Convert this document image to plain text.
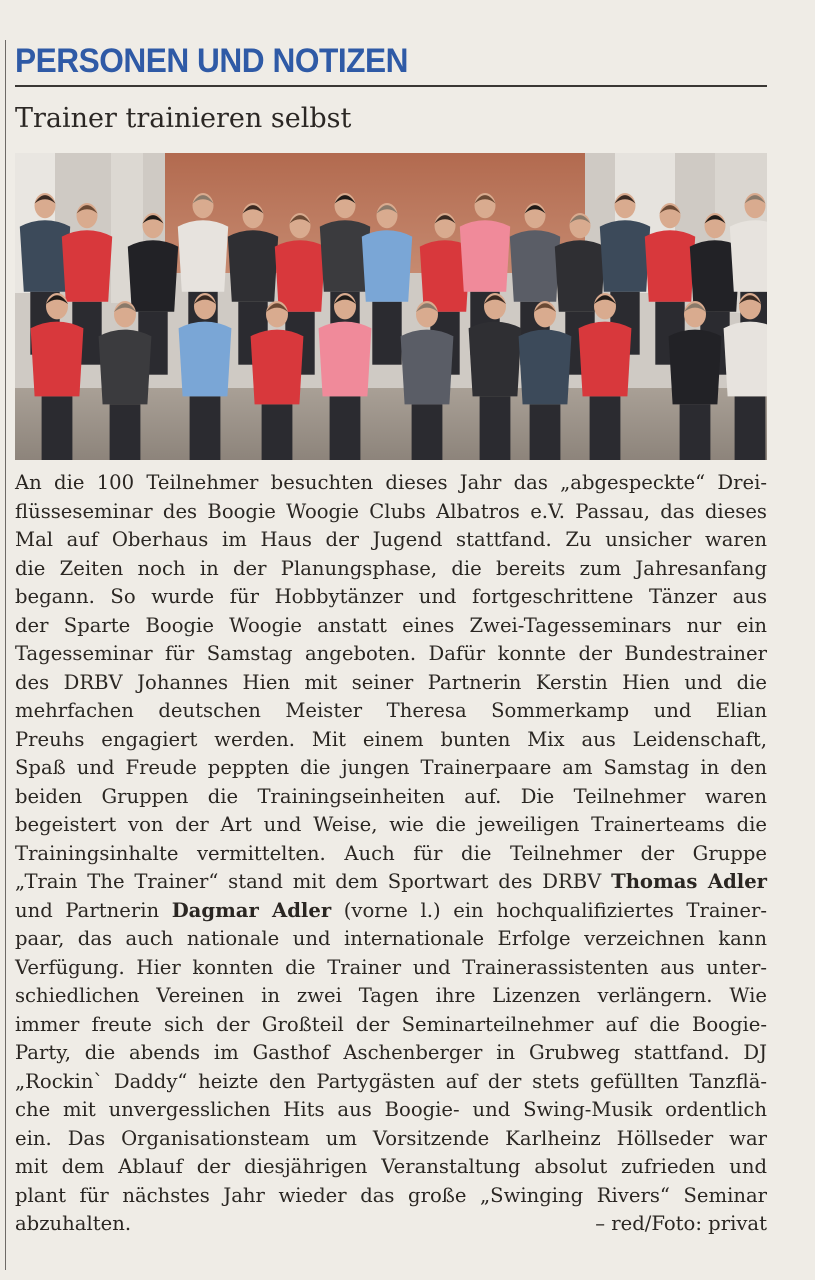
PERSONEN UND NOTIZEN
Trainer trainieren selbst
An die 100 Teilnehmer besuchten dieses Jahr das „abgespeckte“ Drei-
flüsseseminar des Boogie Woogie Clubs Albatros e.V. Passau, das dieses
Mal auf Oberhaus im Haus der Jugend stattfand. Zu unsicher waren
die Zeiten noch in der Planungsphase, die bereits zum Jahresanfang
begann. So wurde für Hobbytänzer und fortgeschrittene Tänzer aus
der Sparte Boogie Woogie anstatt eines Zwei-Tagesseminars nur ein
Tagesseminar für Samstag angeboten. Dafür konnte der Bundestrainer
des DRBV Johannes Hien mit seiner Partnerin Kerstin Hien und die
mehrfachen deutschen Meister Theresa Sommerkamp und Elian
Preuhs engagiert werden. Mit einem bunten Mix aus Leidenschaft,
Spaß und Freude peppten die jungen Trainerpaare am Samstag in den
beiden Gruppen die Trainingseinheiten auf. Die Teilnehmer waren
begeistert von der Art und Weise, wie die jeweiligen Trainerteams die
Trainingsinhalte vermittelten. Auch für die Teilnehmer der Gruppe
„Train The Trainer“ stand mit dem Sportwart des DRBV Thomas Adler
und Partnerin Dagmar Adler (vorne l.) ein hochqualifiziertes Trainer-
paar, das auch nationale und internationale Erfolge verzeichnen kann
Verfügung. Hier konnten die Trainer und Trainerassistenten aus unter-
schiedlichen Vereinen in zwei Tagen ihre Lizenzen verlängern. Wie
immer freute sich der Großteil der Seminarteilnehmer auf die Boogie-
Party, die abends im Gasthof Aschenberger in Grubweg stattfand. DJ
„Rockin` Daddy“ heizte den Partygästen auf der stets gefüllten Tanzflä-
che mit unvergesslichen Hits aus Boogie- und Swing-Musik ordentlich
ein. Das Organisationsteam um Vorsitzende Karlheinz Höllseder war
mit dem Ablauf der diesjährigen Veranstaltung absolut zufrieden und
plant für nächstes Jahr wieder das große „Swinging Rivers“ Seminar
abzuhalten.	– red/Foto: privat
